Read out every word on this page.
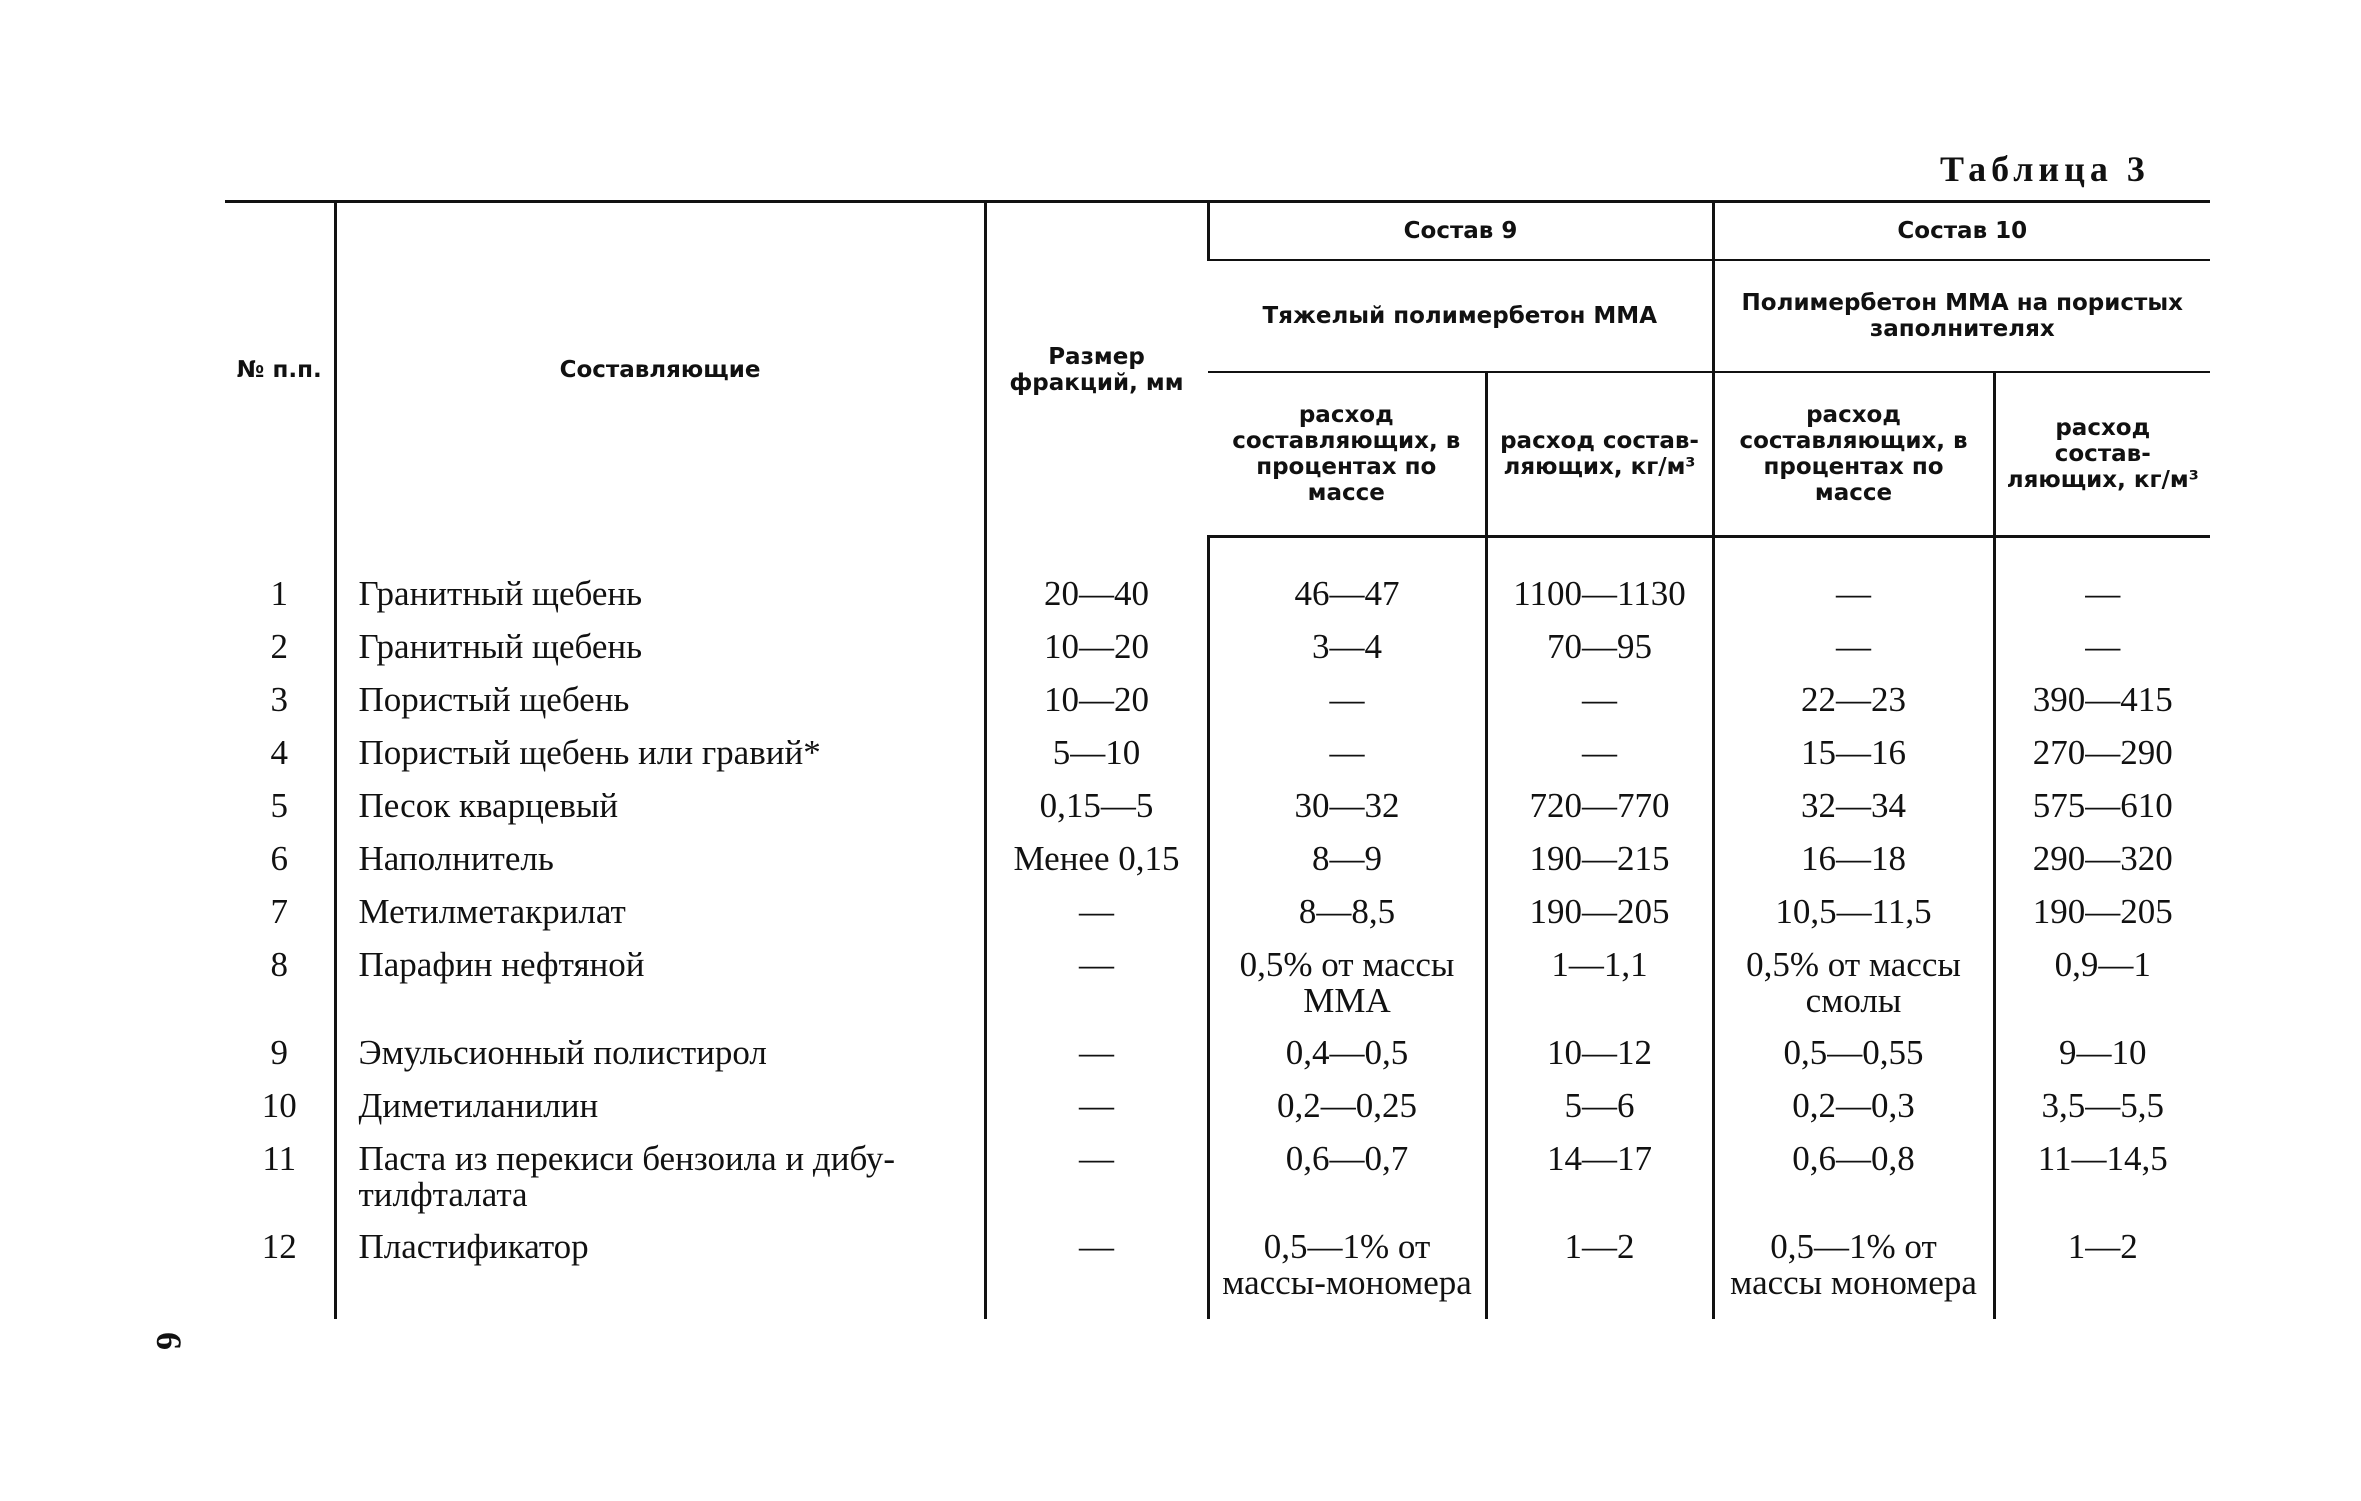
Таблица 3
6
№ п.п.	Составляющие	Размер фракций, мм	Состав 9		Состав 10	
			Тяжелый полимербетон ММА		Полимербетон ММА на пористых заполнителях	
			расход составляющих, в процентах по массе	расход состав-ляющих, кг/м³	расход составляющих, в процентах по массе	расход состав-ляющих, кг/м³

1	Гранитный щебень	20—40	46—47	1100—1130	—	—
2	Гранитный щебень	10—20	3—4	70—95	—	—
3	Пористый щебень	10—20	—	—	22—23	390—415
4	Пористый щебень или гравий*	5—10	—	—	15—16	270—290
5	Песок кварцевый	0,15—5	30—32	720—770	32—34	575—610
6	Наполнитель	Менее 0,15	8—9	190—215	16—18	290—320
7	Метилметакрилат	—	8—8,5	190—205	10,5—11,5	190—205
8	Парафин нефтяной	—	0,5% от массы ММА	1—1,1	0,5% от массы смолы	0,9—1
9	Эмульсионный полистирол	—	0,4—0,5	10—12	0,5—0,55	9—10
10	Диметиланилин	—	0,2—0,25	5—6	0,2—0,3	3,5—5,5
11	Паста из перекиси бензоила и дибу-тилфталата	—	0,6—0,7	14—17	0,6—0,8	11—14,5
12	Пластификатор	—	0,5—1% от массы-мономера	1—2	0,5—1% от массы мономера	1—2
